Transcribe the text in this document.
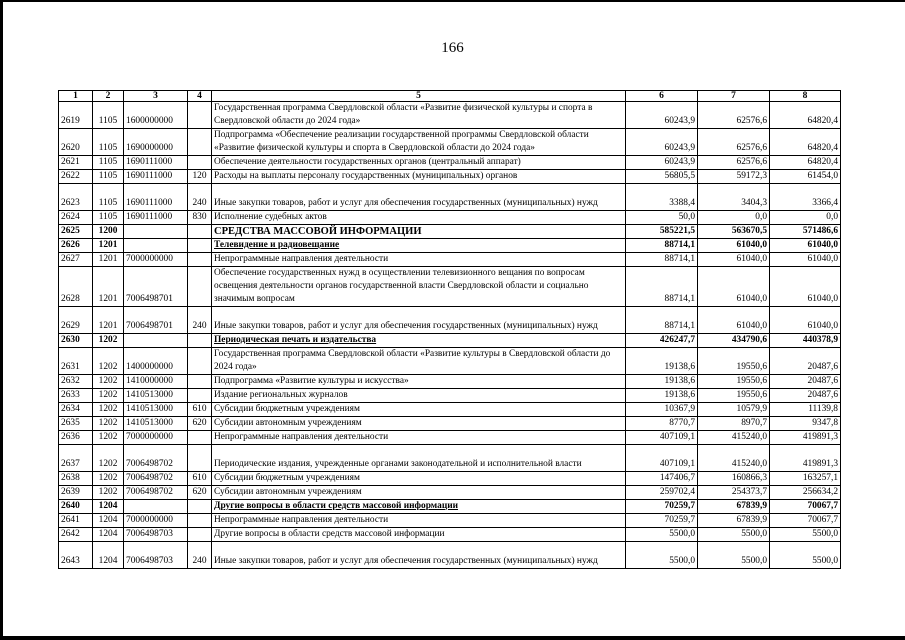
166
1	2	3	4	5	6	7	8
2619	1105	1600000000		Государственная программа Свердловской области «Развитие физической культуры и спорта в Свердловской области до 2024 года»	60243,9	62576,6	64820,4
2620	1105	1690000000		Подпрограмма «Обеспечение реализации государственной программы Свердловской области «Развитие физической культуры и спорта в Свердловской области до 2024 года»	60243,9	62576,6	64820,4
2621	1105	1690111000		Обеспечение деятельности государственных органов (центральный аппарат)	60243,9	62576,6	64820,4
2622	1105	1690111000	120	Расходы на выплаты персоналу государственных (муниципальных) органов	56805,5	59172,3	61454,0
2623	1105	1690111000	240	Иные закупки товаров, работ и услуг для обеспечения государственных (муниципальных) нужд	3388,4	3404,3	3366,4
2624	1105	1690111000	830	Исполнение судебных актов	50,0	0,0	0,0
2625	1200			СРЕДСТВА МАССОВОЙ ИНФОРМАЦИИ	585221,5	563670,5	571486,6
2626	1201			Телевидение и радиовещание	88714,1	61040,0	61040,0
2627	1201	7000000000		Непрограммные направления деятельности	88714,1	61040,0	61040,0
2628	1201	7006498701		Обеспечение государственных нужд в осуществлении телевизионного вещания по вопросам освещения деятельности органов государственной власти Свердловской области и социально значимым вопросам	88714,1	61040,0	61040,0
2629	1201	7006498701	240	Иные закупки товаров, работ и услуг для обеспечения государственных (муниципальных) нужд	88714,1	61040,0	61040,0
2630	1202			Периодическая печать и издательства	426247,7	434790,6	440378,9
2631	1202	1400000000		Государственная программа Свердловской области «Развитие культуры в Свердловской области до 2024 года»	19138,6	19550,6	20487,6
2632	1202	1410000000		Подпрограмма «Развитие культуры и искусства»	19138,6	19550,6	20487,6
2633	1202	1410513000		Издание региональных журналов	19138,6	19550,6	20487,6
2634	1202	1410513000	610	Субсидии бюджетным учреждениям	10367,9	10579,9	11139,8
2635	1202	1410513000	620	Субсидии автономным учреждениям	8770,7	8970,7	9347,8
2636	1202	7000000000		Непрограммные направления деятельности	407109,1	415240,0	419891,3
2637	1202	7006498702		Периодические издания, учрежденные органами законодательной и исполнительной власти	407109,1	415240,0	419891,3
2638	1202	7006498702	610	Субсидии бюджетным учреждениям	147406,7	160866,3	163257,1
2639	1202	7006498702	620	Субсидии автономным учреждениям	259702,4	254373,7	256634,2
2640	1204			Другие вопросы в области средств массовой информации	70259,7	67839,9	70067,7
2641	1204	7000000000		Непрограммные направления деятельности	70259,7	67839,9	70067,7
2642	1204	7006498703		Другие вопросы в области средств массовой информации	5500,0	5500,0	5500,0
2643	1204	7006498703	240	Иные закупки товаров, работ и услуг для обеспечения государственных (муниципальных) нужд	5500,0	5500,0	5500,0
